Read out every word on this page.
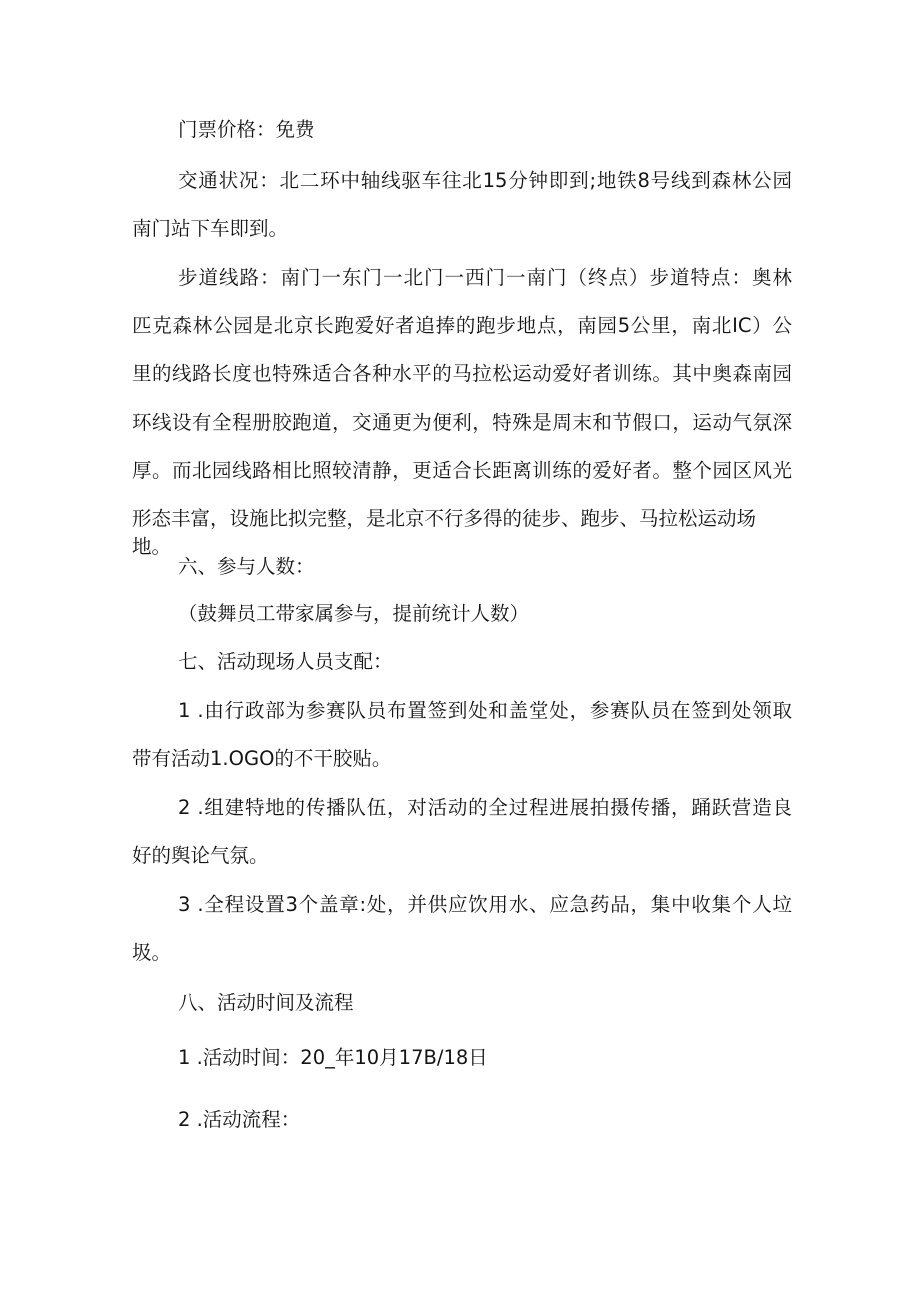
门票价格：免费
交通状况：北二环中轴线驱车往北15分钟即到;地铁8号线到森林公园
南门站下车即到。
步道线路：南门一东门一北门一西门一南门（终点）步道特点：奥林
匹克森林公园是北京长跑爱好者追捧的跑步地点，南园5公里，南北IC）公
里的线路长度也特殊适合各种水平的马拉松运动爱好者训练。其中奥森南园
环线设有全程册胶跑道，交通更为便利，特殊是周末和节假口，运动气氛深
厚。而北园线路相比照较清静，更适合长距离训练的爱好者。整个园区风光
形态丰富，设施比拟完整，是北京不行多得的徒步、跑步、马拉松运动场地。
六、参与人数：
（鼓舞员工带家属参与，提前统计人数）
七、活动现场人员支配：
1 .由行政部为参赛队员布置签到处和盖堂处，参赛队员在签到处领取
带有活动1.OGO的不干胶贴。
2 .组建特地的传播队伍，对活动的全过程进展拍摄传播，踊跃营造良
好的舆论气氛。
3 .全程设置3个盖章:处，并供应饮用水、应急药品，集中收集个人垃
圾。
八、活动时间及流程
1 .活动时间：20_年10月17B/18日
2 .活动流程：
